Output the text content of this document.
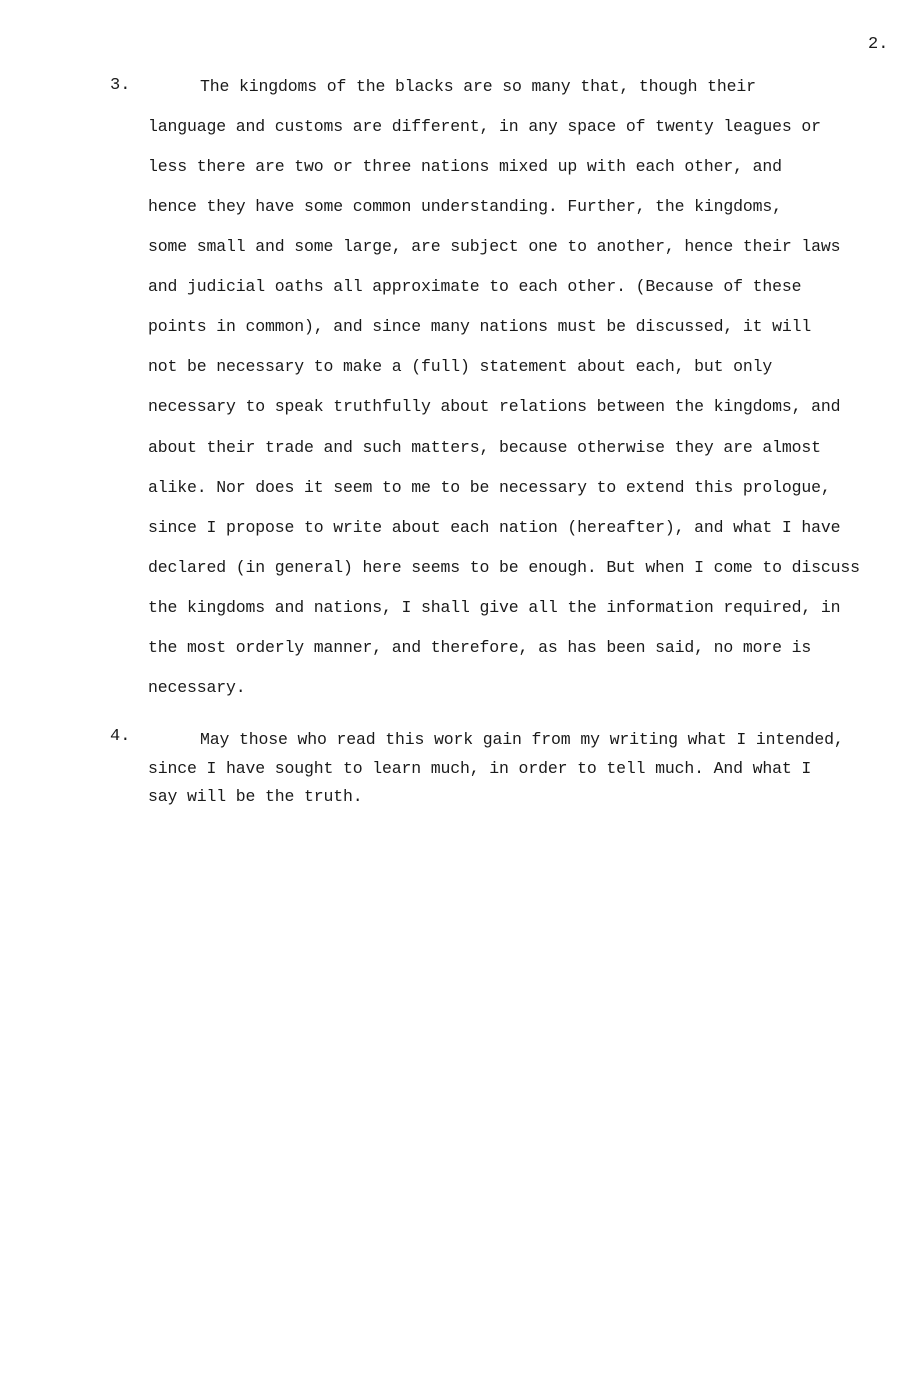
2.
3.	The kingdoms of the blacks are so many that, though their
language and customs are different, in any space of twenty leagues or
less there are two or three nations mixed up with each other, and
hence they have some common understanding. Further, the kingdoms,
some small and some large, are subject one to another, hence their laws
and judicial oaths all approximate to each other. (Because of these
points in common), and since many nations must be discussed, it will
not be necessary to make a (full) statement about each, but only
necessary to speak truthfully about relations between the kingdoms, and
about their trade and such matters, because otherwise they are almost
alike. Nor does it seem to me to be necessary to extend this prologue,
since I propose to write about each nation (hereafter), and what I have
declared (in general) here seems to be enough. But when I come to discuss
the kingdoms and nations, I shall give all the information required, in
the most orderly manner, and therefore, as has been said, no more is
necessary.
4.	May those who read this work gain from my writing what I intended,
since I have sought to learn much, in order to tell much. And what I
say will be the truth.
